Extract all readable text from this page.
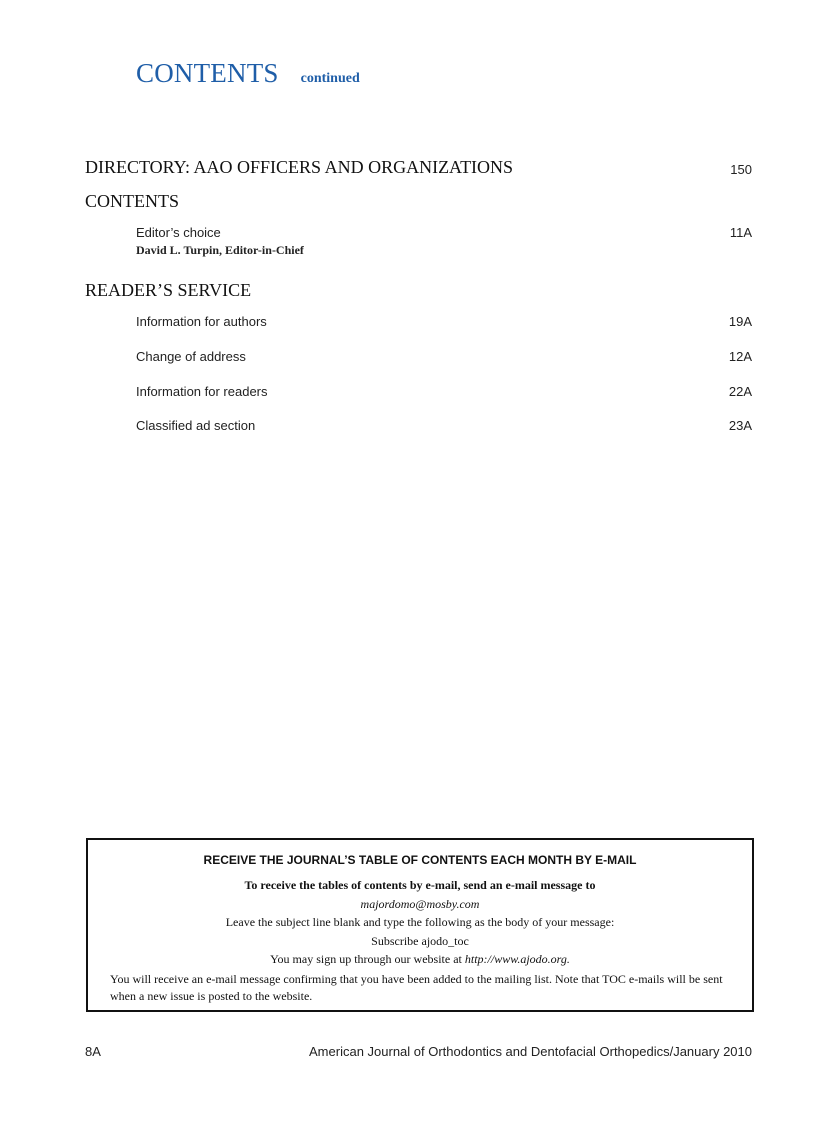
CONTENTS continued
DIRECTORY: AAO OFFICERS AND ORGANIZATIONS	150
CONTENTS
Editor’s choice	11A
David L. Turpin, Editor-in-Chief
READER’S SERVICE
Information for authors	19A
Change of address	12A
Information for readers	22A
Classified ad section	23A
RECEIVE THE JOURNAL’S TABLE OF CONTENTS EACH MONTH BY E-MAIL
To receive the tables of contents by e-mail, send an e-mail message to
majordomo@mosby.com
Leave the subject line blank and type the following as the body of your message:
Subscribe ajodo_toc
You may sign up through our website at http://www.ajodo.org.
You will receive an e-mail message confirming that you have been added to the mailing list. Note that TOC e-mails will be sent when a new issue is posted to the website.
8A	American Journal of Orthodontics and Dentofacial Orthopedics/January 2010
